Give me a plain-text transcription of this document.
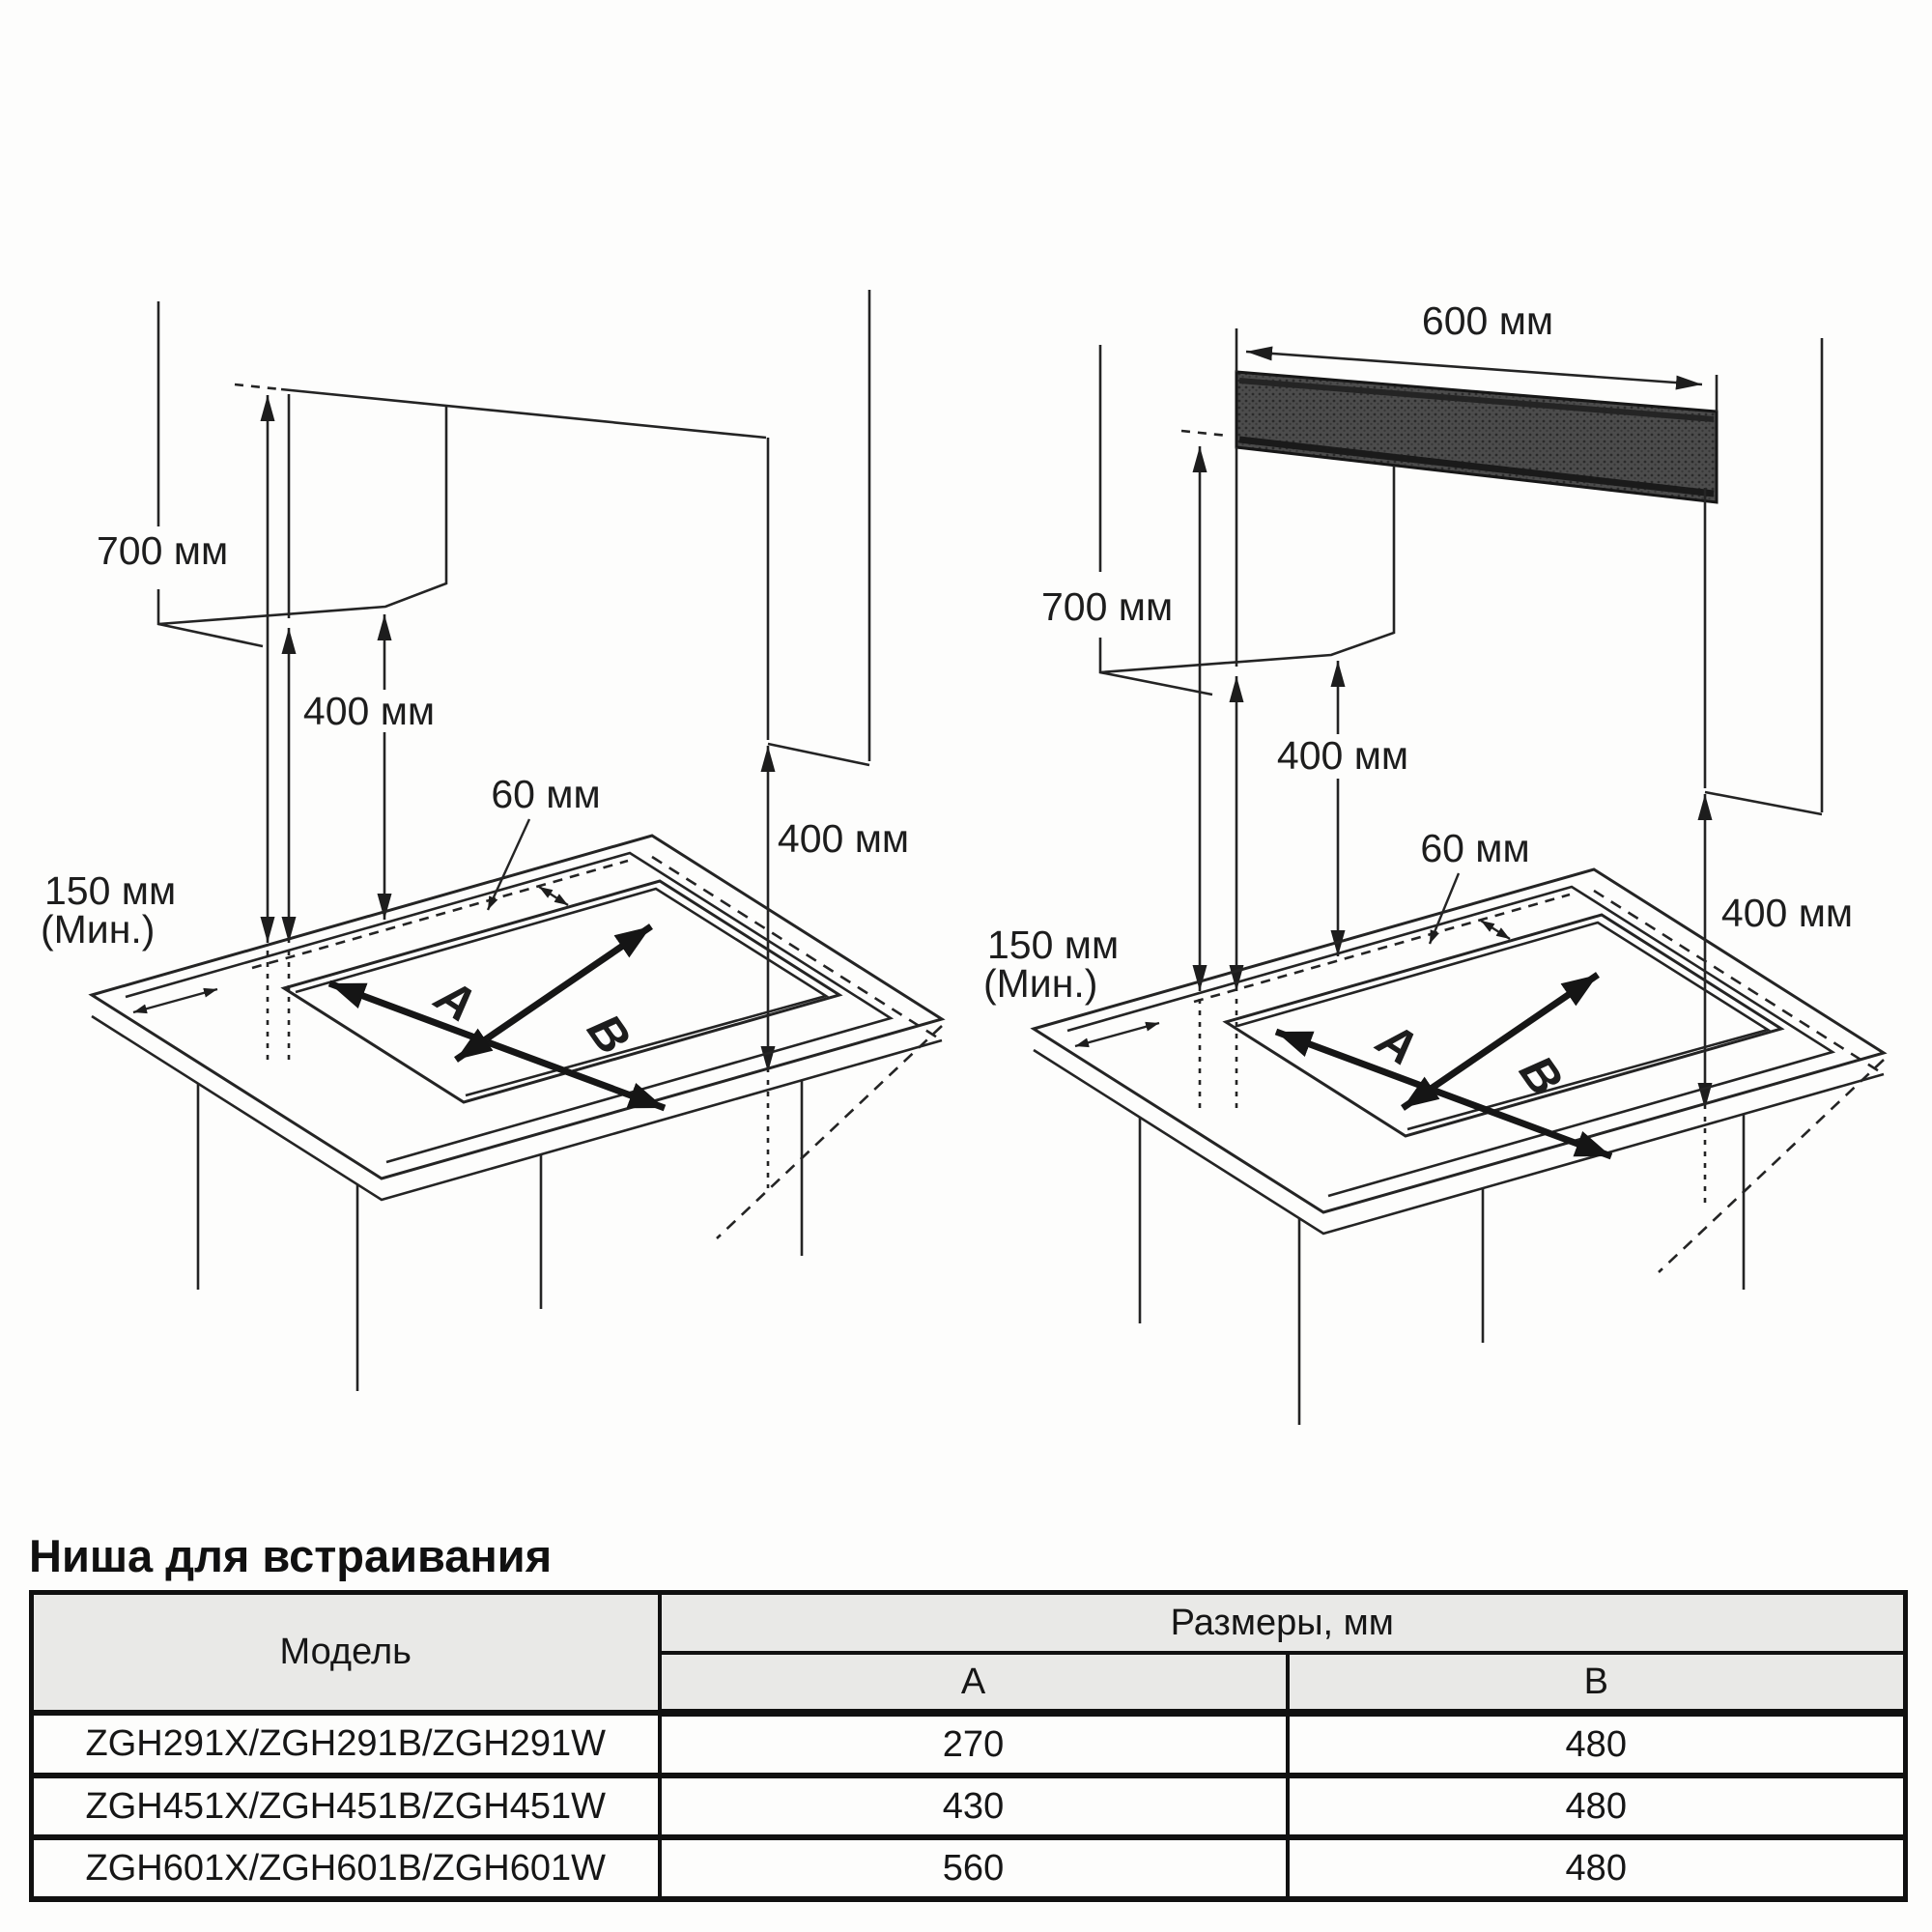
700 мм
400 мм
60 мм
150 мм
(Мин.)
400 мм
A
B
600 мм
700 мм
400 мм
60 мм
150 мм
(Мин.)
400 мм
A B
Ниша для встраивания
Модель	Размеры, мм	
	A	B
ZGH291X/ZGH291B/ZGH291W	270	480
ZGH451X/ZGH451B/ZGH451W	430	480
ZGH601X/ZGH601B/ZGH601W	560	480
